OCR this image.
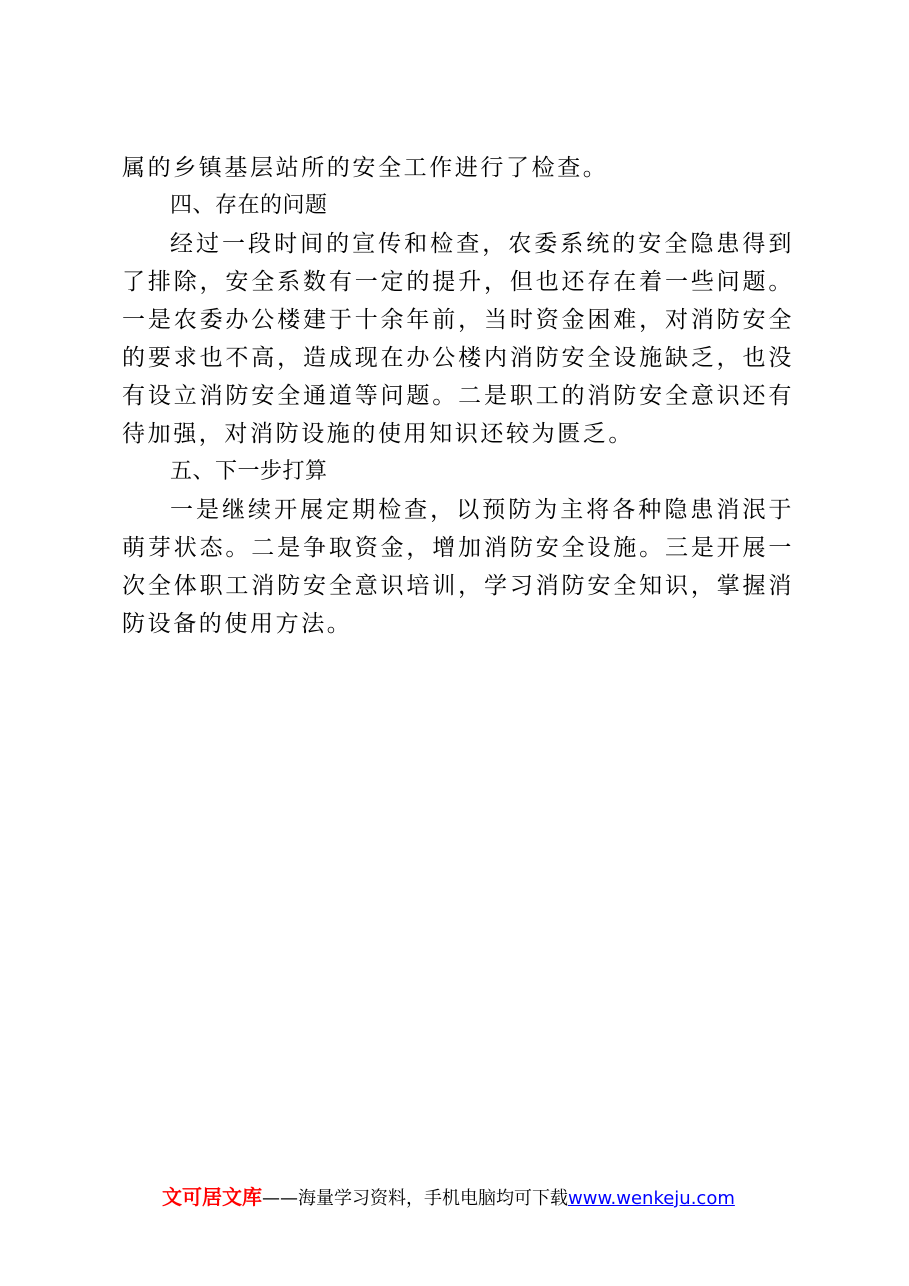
属的乡镇基层站所的安全工作进行了检查。

四、存在的问题

经过一段时间的宣传和检查，农委系统的安全隐患得到了排除，安全系数有一定的提升，但也还存在着一些问题。一是农委办公楼建于十余年前，当时资金困难，对消防安全的要求也不高，造成现在办公楼内消防安全设施缺乏，也没有设立消防安全通道等问题。二是职工的消防安全意识还有待加强，对消防设施的使用知识还较为匮乏。

五、下一步打算

一是继续开展定期检查，以预防为主将各种隐患消泯于萌芽状态。二是争取资金，增加消防安全设施。三是开展一次全体职工消防安全意识培训，学习消防安全知识，掌握消防设备的使用方法。

文可居文库——海量学习资料，手机电脑均可下载www.wenkeju.com
